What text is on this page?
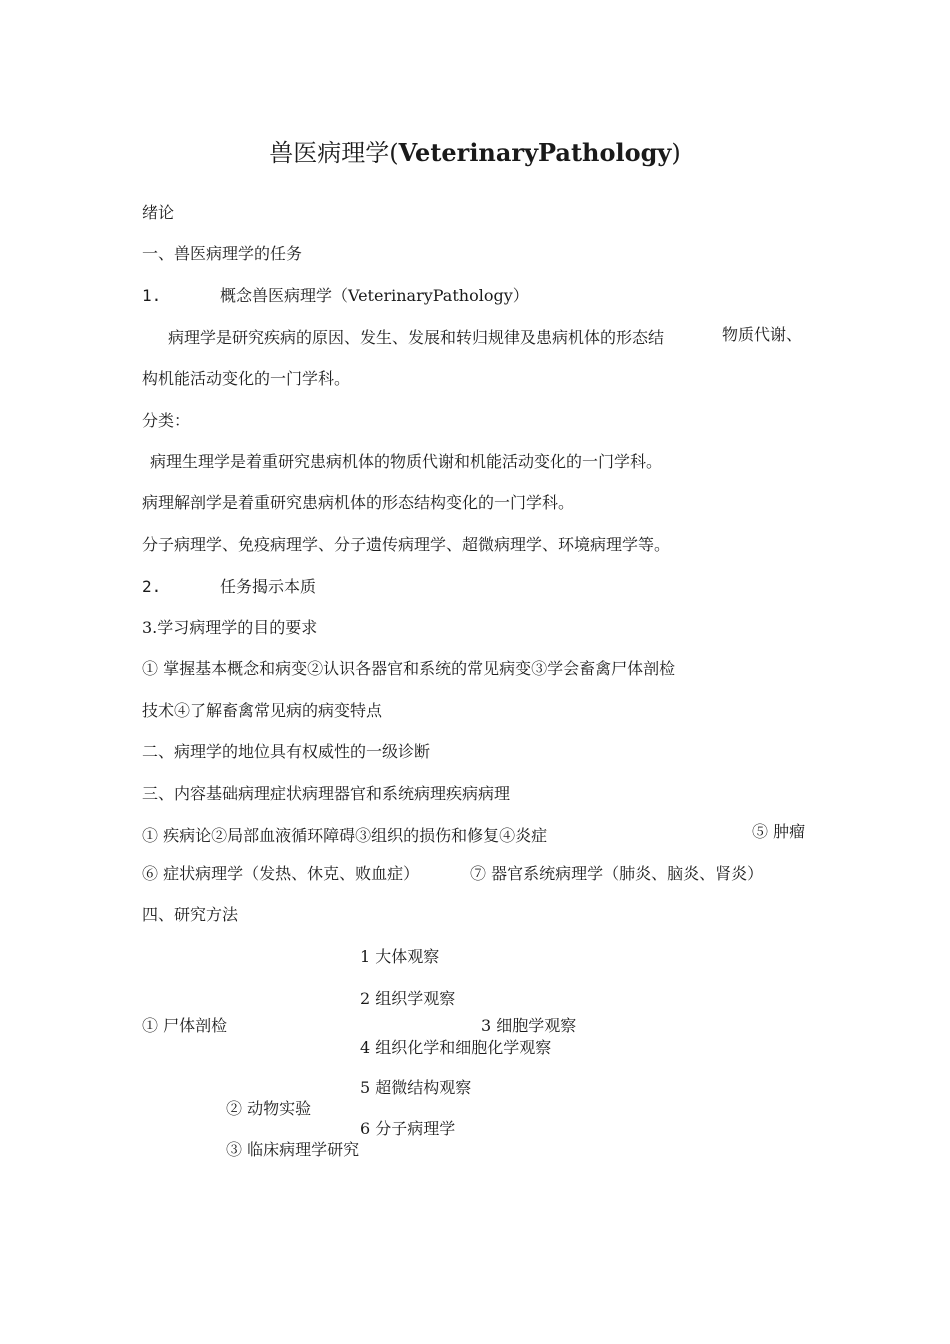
兽医病理学(VeterinaryPathology)
绪论
一、兽医病理学的任务
1.	概念兽医病理学（VeterinaryPathology）
病理学是研究疾病的原因、发生、发展和转归规律及患病机体的形态结	物质代谢、
构机能活动变化的一门学科。
分类：
病理生理学是着重研究患病机体的物质代谢和机能活动变化的一门学科。
病理解剖学是着重研究患病机体的形态结构变化的一门学科。
分子病理学、免疫病理学、分子遗传病理学、超微病理学、环境病理学等。
2.	任务揭示本质
3.学习病理学的目的要求
① 掌握基本概念和病变②认识各器官和系统的常见病变③学会畜禽尸体剖检
技术④了解畜禽常见病的病变特点
二、病理学的地位具有权威性的一级诊断
三、内容基础病理症状病理器官和系统病理疾病病理
① 疾病论②局部血液循环障碍③组织的损伤和修复④炎症	⑤ 肿瘤
⑥ 症状病理学（发热、休克、败血症）	⑦ 器官系统病理学（肺炎、脑炎、肾炎）
四、研究方法
1 大体观察
2 组织学观察
① 尸体剖检	3 细胞学观察
4 组织化学和细胞化学观察
5 超微结构观察
② 动物实验
6 分子病理学
③ 临床病理学研究
